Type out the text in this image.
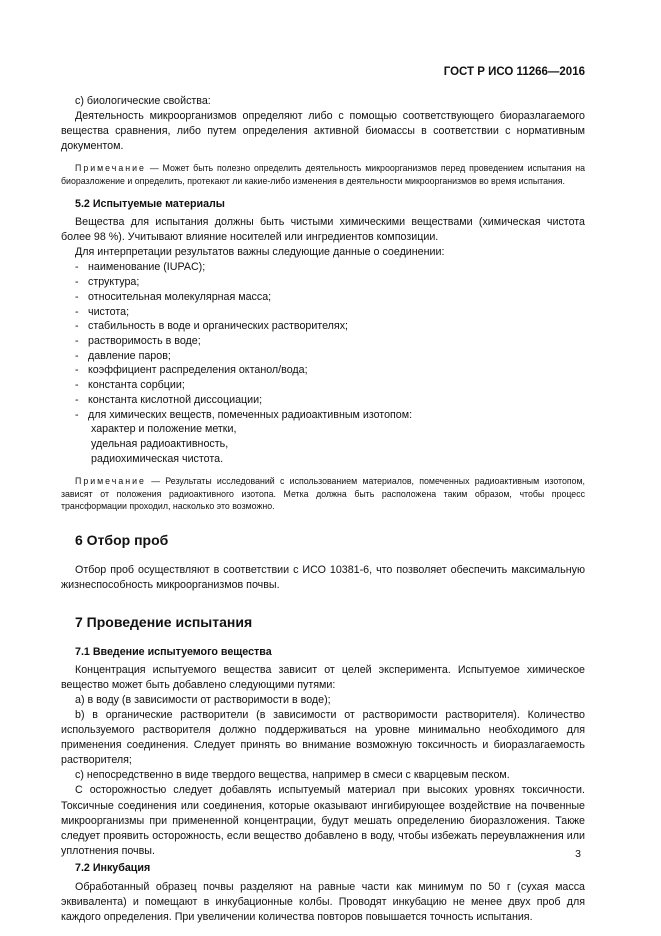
ГОСТ Р ИСО 11266—2016

c) биологические свойства:

Деятельность микроорганизмов определяют либо с помощью соответствующего биоразлагаемого вещества сравнения, либо путем определения активной биомассы в соответствии с нормативным документом.

Примечание — Может быть полезно определить деятельность микроорганизмов перед проведением испытания на биоразложение и определить, протекают ли какие-либо изменения в деятельности микроорганизмов во время испытания.

5.2 Испытуемые материалы

Вещества для испытания должны быть чистыми химическими веществами (химическая чистота более 98 %). Учитывают влияние носителей или ингредиентов композиции.

Для интерпретации результатов важны следующие данные о соединении:

- наименование (IUPAC);

- структура;

- относительная молекулярная масса;

- чистота;

- стабильность в воде и органических растворителях;

- растворимость в воде;

- давление паров;

- коэффициент распределения октанол/вода;

- константа сорбции;

- константа кислотной диссоциации;

- для химических веществ, помеченных радиоактивным изотопом:

характер и положение метки,

удельная радиоактивность,

радиохимическая чистота.

Примечание — Результаты исследований с использованием материалов, помеченных радиоактивным изотопом, зависят от положения радиоактивного изотопа. Метка должна быть расположена таким образом, чтобы процесс трансформации проходил, насколько это возможно.

6 Отбор проб

Отбор проб осуществляют в соответствии с ИСО 10381-6, что позволяет обеспечить максимальную жизнеспособность микроорганизмов почвы.

7 Проведение испытания

7.1 Введение испытуемого вещества

Концентрация испытуемого вещества зависит от целей эксперимента. Испытуемое химическое вещество может быть добавлено следующими путями:

a) в воду (в зависимости от растворимости в воде);

b) в органические растворители (в зависимости от растворимости растворителя). Количество используемого растворителя должно поддерживаться на уровне минимально необходимого для применения соединения. Следует принять во внимание возможную токсичность и биоразлагаемость растворителя;

c) непосредственно в виде твердого вещества, например в смеси с кварцевым песком.

С осторожностью следует добавлять испытуемый материал при высоких уровнях токсичности. Токсичные соединения или соединения, которые оказывают ингибирующее воздействие на почвенные микроорганизмы при примененной концентрации, будут мешать определению биоразложения. Также следует проявить осторожность, если вещество добавлено в воду, чтобы избежать переувлажнения или уплотнения почвы.

7.2 Инкубация

Обработанный образец почвы разделяют на равные части как минимум по 50 г (сухая масса эквивалента) и помещают в инкубационные колбы. Проводят инкубацию не менее двух проб для каждого определения. При увеличении количества повторов повышается точность испытания.

3
